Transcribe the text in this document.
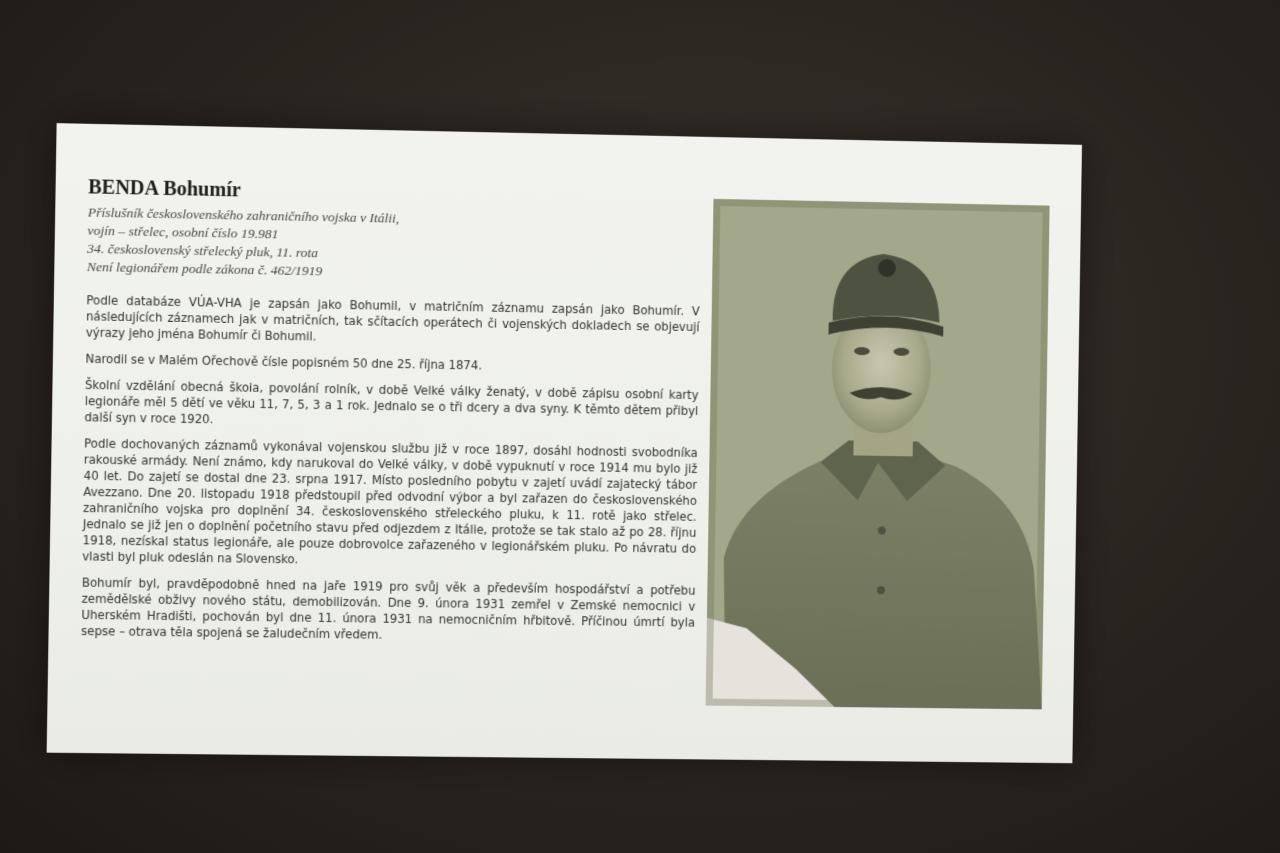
BENDA Bohumír

Příslušník československého zahraničního vojska v Itálii,

vojín – střelec, osobní číslo 19.981

34. československý střelecký pluk, 11. rota

Není legionářem podle zákona č. 462/1919

Podle databáze VÚA-VHA je zapsán jako Bohumil, v matričním záznamu zapsán jako Bohumír. V následujících záznamech jak v matričních, tak sčítacích operátech či vojenských dokladech se objevují výrazy jeho jména Bohumír či Bohumil.

Narodil se v Malém Ořechově čísle popisném 50 dne 25. října 1874.

Školní vzdělání obecná škola, povolání rolník, v době Velké války ženatý, v době zápisu osobní karty legionáře měl 5 dětí ve věku 11, 7, 5, 3 a 1 rok. Jednalo se o tři dcery a dva syny. K těmto dětem přibyl další syn v roce 1920.

Podle dochovaných záznamů vykonával vojenskou službu již v roce 1897, dosáhl hodnosti svobodníka rakouské armády. Není známo, kdy narukoval do Velké války, v době vypuknutí v roce 1914 mu bylo již 40 let. Do zajetí se dostal dne 23. srpna 1917. Místo posledního pobytu v zajetí uvádí zajatecký tábor Avezzano. Dne 20. listopadu 1918 předstoupil před odvodní výbor a byl zařazen do československého zahraničního vojska pro doplnění 34. československého střeleckého pluku, k 11. rotě jako střelec. Jednalo se již jen o doplnění početního stavu před odjezdem z Itálie, protože se tak stalo až po 28. říjnu 1918, nezískal status legionáře, ale pouze dobrovolce zařazeného v legionářském pluku. Po návratu do vlasti byl pluk odeslán na Slovensko.

Bohumír byl, pravděpodobně hned na jaře 1919 pro svůj věk a především hospodářství a potřebu zemědělské obživy nového státu, demobilizován. Dne 9. února 1931 zemřel v Zemské nemocnici v Uherském Hradišti, pochován byl dne 11. února 1931 na nemocničním hřbitově. Příčinou úmrtí byla sepse – otrava těla spojená se žaludečním vředem.
